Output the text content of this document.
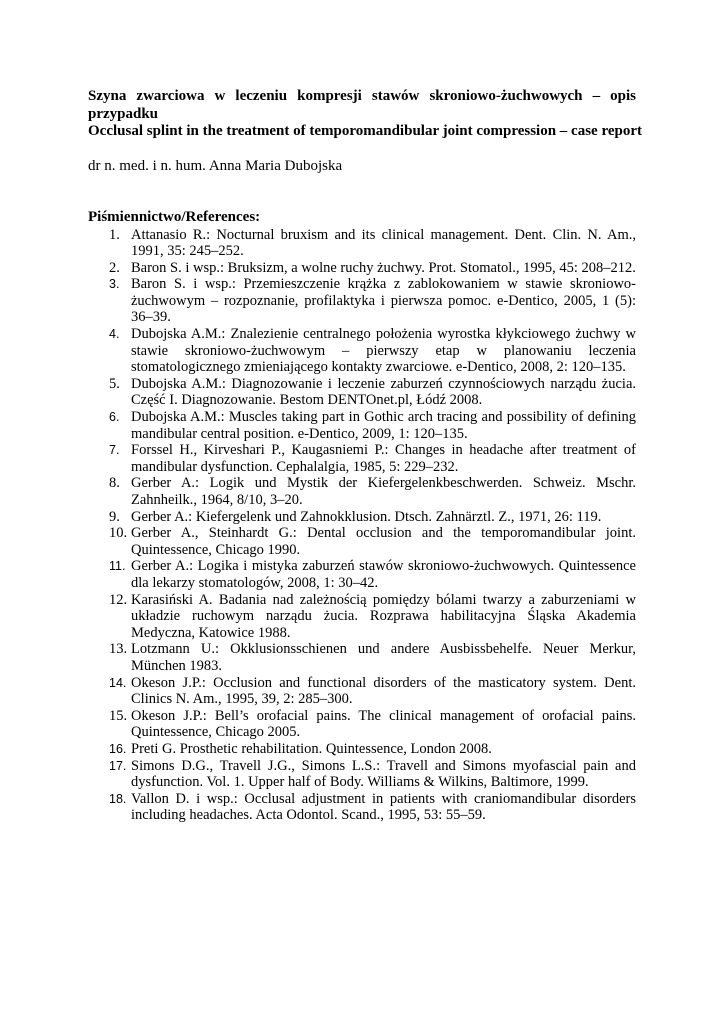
Szyna zwarciowa w leczeniu kompresji stawów skroniowo-żuchwowych – opis przypadku

Occlusal splint in the treatment of temporomandibular joint compression – case report

dr n. med. i n. hum. Anna Maria Dubojska

Piśmiennictwo/References:

1. Attanasio R.: Nocturnal bruxism and its clinical management. Dent. Clin. N. Am., 1991, 35: 245–252.
2. Baron S. i wsp.: Bruksizm, a wolne ruchy żuchwy. Prot. Stomatol., 1995, 45: 208–212.
3. Baron S. i wsp.: Przemieszczenie krążka z zablokowaniem w stawie skroniowo-żuchwowym – rozpoznanie, profilaktyka i pierwsza pomoc. e-Dentico, 2005, 1 (5): 36–39.
4. Dubojska A.M.: Znalezienie centralnego położenia wyrostka kłykciowego żuchwy w stawie skroniowo-żuchwowym – pierwszy etap w planowaniu leczenia stomatologicznego zmieniającego kontakty zwarciowe. e-Dentico, 2008, 2: 120–135.
5. Dubojska A.M.: Diagnozowanie i leczenie zaburzeń czynnościowych narządu żucia. Część I. Diagnozowanie. Bestom DENTOnet.pl, Łódź 2008.
6. Dubojska A.M.: Muscles taking part in Gothic arch tracing and possibility of defining mandibular central position. e-Dentico, 2009, 1: 120–135.
7. Forssel H., Kirveshari P., Kaugasniemi P.: Changes in headache after treatment of mandibular dysfunction. Cephalalgia, 1985, 5: 229–232.
8. Gerber A.: Logik und Mystik der Kiefergelenkbeschwerden. Schweiz. Mschr. Zahnheilk., 1964, 8/10, 3–20.
9. Gerber A.: Kiefergelenk und Zahnokklusion. Dtsch. Zahnärztl. Z., 1971, 26: 119.
10. Gerber A., Steinhardt G.: Dental occlusion and the temporomandibular joint. Quintessence, Chicago 1990.
11. Gerber A.: Logika i mistyka zaburzeń stawów skroniowo-żuchwowych. Quintessence dla lekarzy stomatologów, 2008, 1: 30–42.
12. Karasiński A. Badania nad zależnością pomiędzy bólami twarzy a zaburzeniami w układzie ruchowym narządu żucia. Rozprawa habilitacyjna Śląska Akademia Medyczna, Katowice 1988.
13. Lotzmann U.: Okklusionsschienen und andere Ausbissbehelfe. Neuer Merkur, München 1983.
14. Okeson J.P.: Occlusion and functional disorders of the masticatory system. Dent. Clinics N. Am., 1995, 39, 2: 285–300.
15. Okeson J.P.: Bell’s orofacial pains. The clinical management of orofacial pains. Quintessence, Chicago 2005.
16. Preti G. Prosthetic rehabilitation. Quintessence, London 2008.
17. Simons D.G., Travell J.G., Simons L.S.: Travell and Simons myofascial pain and dysfunction. Vol. 1. Upper half of Body. Williams & Wilkins, Baltimore, 1999.
18. Vallon D. i wsp.: Occlusal adjustment in patients with craniomandibular disorders including headaches. Acta Odontol. Scand., 1995, 53: 55–59.
